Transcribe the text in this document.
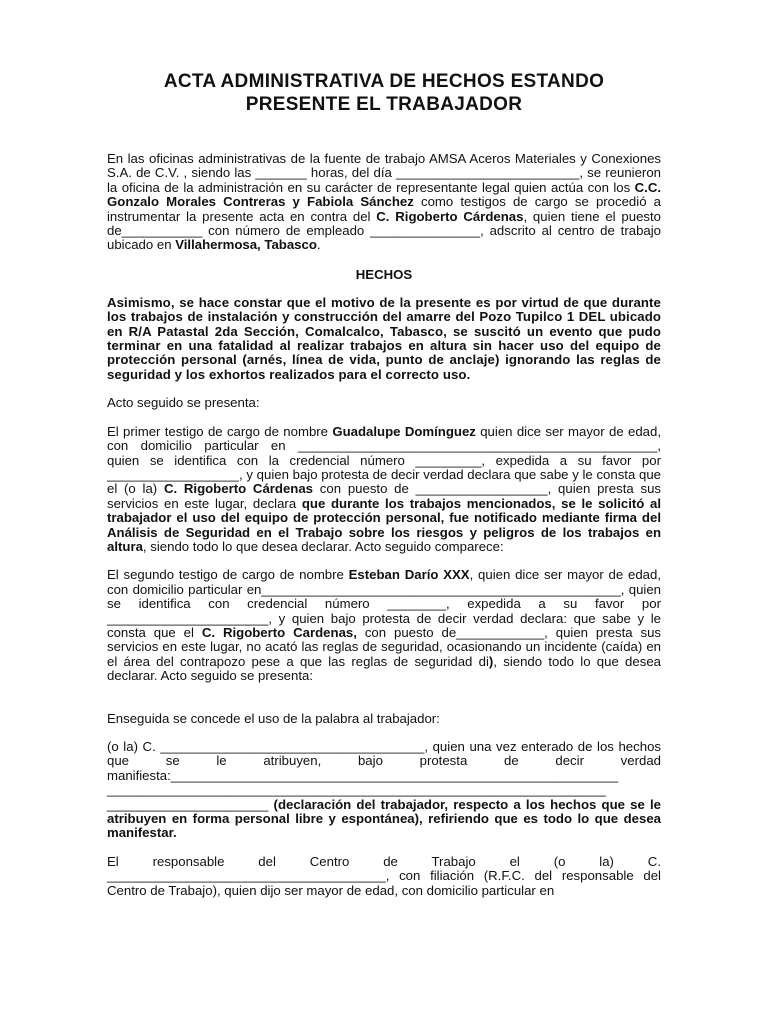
ACTA ADMINISTRATIVA DE HECHOS ESTANDO
PRESENTE EL TRABAJADOR

En las oficinas administrativas de la fuente de trabajo AMSA Aceros Materiales y Conexiones S.A. de C.V. , siendo las _______ horas, del día _________________________, se reunieron la oficina de la administración en su carácter de representante legal quien actúa con los C.C. Gonzalo Morales Contreras y Fabiola Sánchez como testigos de cargo se procedió a instrumentar la presente acta en contra del C. Rigoberto Cárdenas, quien tiene el puesto de___________ con número de empleado _______________, adscrito al centro de trabajo ubicado en Villahermosa, Tabasco.

HECHOS

Asimismo, se hace constar que el motivo de la presente es por virtud de que durante los trabajos de instalación y construcción del amarre del Pozo Tupilco 1 DEL ubicado en R/A Patastal 2da Sección, Comalcalco, Tabasco, se suscitó un evento que pudo terminar en una fatalidad al realizar trabajos en altura sin hacer uso del equipo de protección personal (arnés, línea de vida, punto de anclaje) ignorando las reglas de seguridad y los exhortos realizados para el correcto uso.

Acto seguido se presenta:

El primer testigo de cargo de nombre Guadalupe Domínguez quien dice ser mayor de edad, con domicilio particular en _________________________________________________, quien se identifica con la credencial número _________, expedida a su favor por __________________, y quien bajo protesta de decir verdad declara que sabe y le consta que el (o la) C. Rigoberto Cárdenas con puesto de __________________, quien presta sus servicios en este lugar, declara que durante los trabajos mencionados, se le solicitó al trabajador el uso del equipo de protección personal, fue notificado mediante firma del Análisis de Seguridad en el Trabajo sobre los riesgos y peligros de los trabajos en altura, siendo todo lo que desea declarar. Acto seguido comparece:

El segundo testigo de cargo de nombre Esteban Darío XXX, quien dice ser mayor de edad, con domicilio particular en_________________________________________________, quien se identifica con credencial número ________, expedida a su favor por ______________________, y quien bajo protesta de decir verdad declara: que sabe y le consta que el C. Rigoberto Cardenas, con puesto de____________, quien presta sus servicios en este lugar, no acató las reglas de seguridad, ocasionando un incidente (caída) en el área del contrapozo pese a que las reglas de seguridad di), siendo todo lo que desea declarar. Acto seguido se presenta:

Enseguida se concede el uso de la palabra al trabajador:

(o la) C. ____________________________________, quien una vez enterado de los hechos que se le atribuyen, bajo protesta de decir verdad manifiesta:_____________________________________________________________ ____________________________________________________________________ ______________________ (declaración del trabajador, respecto a los hechos que se le atribuyen en forma personal libre y espontánea), refiriendo que es todo lo que desea manifestar.

El responsable del Centro de Trabajo el (o la) C. ______________________________________, con filiación (R.F.C. del responsable del Centro de Trabajo), quien dijo ser mayor de edad, con domicilio particular en
